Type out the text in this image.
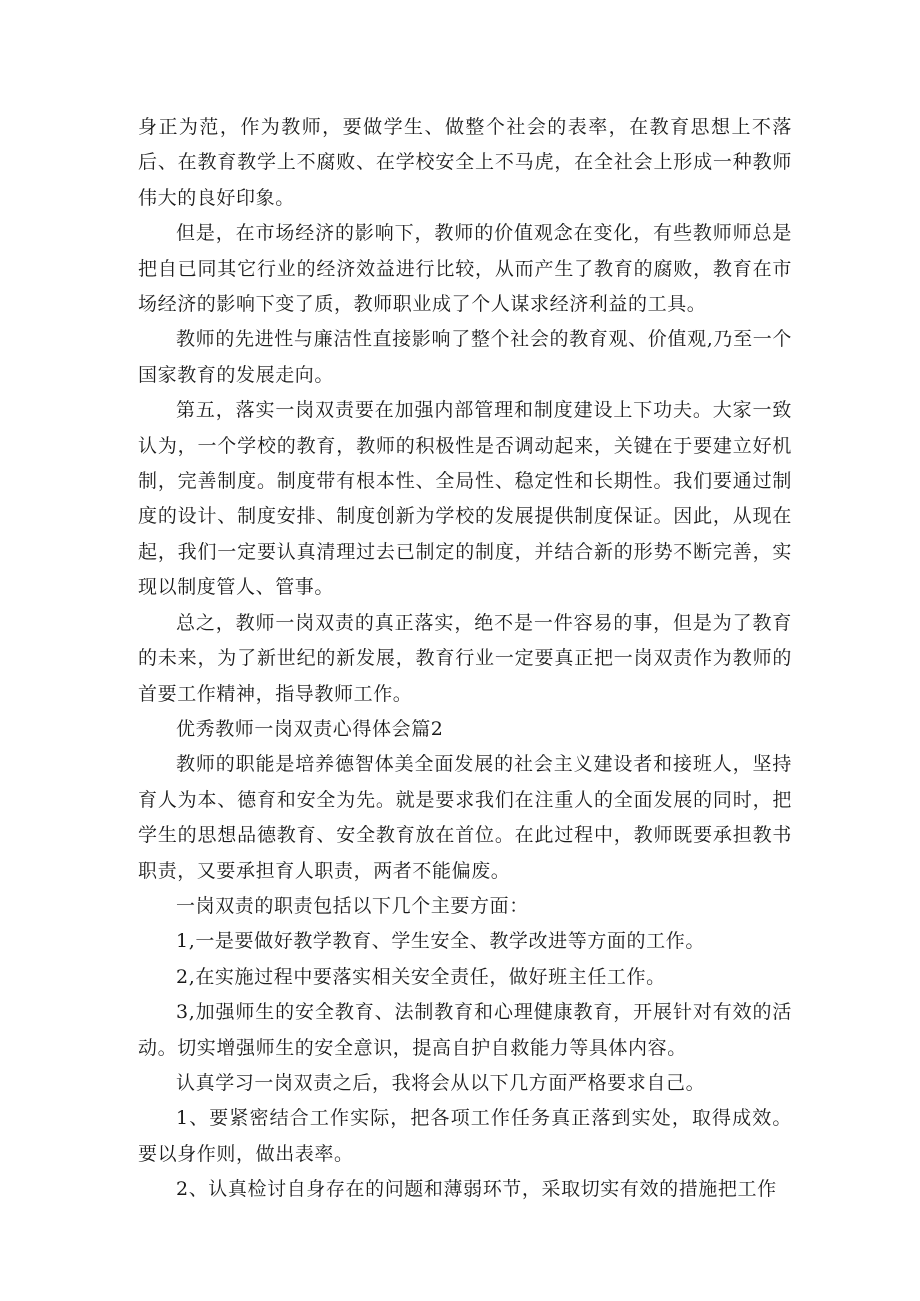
身正为范，作为教师，要做学生、做整个社会的表率，在教育思想上不落后、在教育教学上不腐败、在学校安全上不马虎，在全社会上形成一种教师伟大的良好印象。

但是，在市场经济的影响下，教师的价值观念在变化，有些教师师总是把自已同其它行业的经济效益进行比较，从而产生了教育的腐败，教育在市场经济的影响下变了质，教师职业成了个人谋求经济利益的工具。

教师的先进性与廉洁性直接影响了整个社会的教育观、价值观,乃至一个国家教育的发展走向。

第五，落实一岗双责要在加强内部管理和制度建设上下功夫。大家一致认为，一个学校的教育，教师的积极性是否调动起来，关键在于要建立好机制，完善制度。制度带有根本性、全局性、稳定性和长期性。我们要通过制度的设计、制度安排、制度创新为学校的发展提供制度保证。因此，从现在起，我们一定要认真清理过去已制定的制度，并结合新的形势不断完善，实现以制度管人、管事。

总之，教师一岗双责的真正落实，绝不是一件容易的事，但是为了教育的未来，为了新世纪的新发展，教育行业一定要真正把一岗双责作为教师的首要工作精神，指导教师工作。

优秀教师一岗双责心得体会篇2

教师的职能是培养德智体美全面发展的社会主义建设者和接班人，坚持育人为本、德育和安全为先。就是要求我们在注重人的全面发展的同时，把学生的思想品德教育、安全教育放在首位。在此过程中，教师既要承担教书职责，又要承担育人职责，两者不能偏废。

一岗双责的职责包括以下几个主要方面：

1,一是要做好教学教育、学生安全、教学改进等方面的工作。

2,在实施过程中要落实相关安全责任，做好班主任工作。

3,加强师生的安全教育、法制教育和心理健康教育，开展针对有效的活动。切实增强师生的安全意识，提高自护自救能力等具体内容。

认真学习一岗双责之后，我将会从以下几方面严格要求自己。

1、要紧密结合工作实际，把各项工作任务真正落到实处，取得成效。要以身作则，做出表率。

2、认真检讨自身存在的问题和薄弱环节，采取切实有效的措施把工作
